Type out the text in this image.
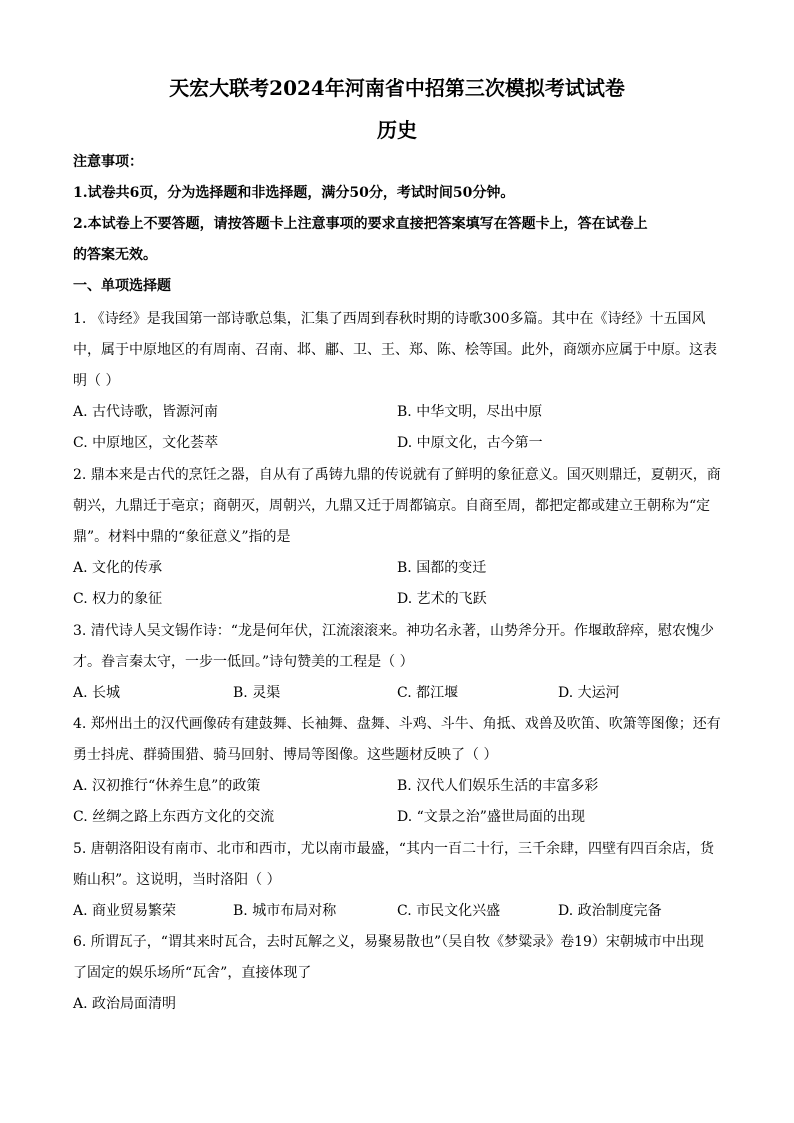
天宏大联考2024年河南省中招第三次模拟考试试卷
历史
注意事项：
1.试卷共6页，分为选择题和非选择题，满分50分，考试时间50分钟。
2.本试卷上不要答题，请按答题卡上注意事项的要求直接把答案填写在答题卡上，答在试卷上
的答案无效。
一、单项选择题
1. 《诗经》是我国第一部诗歌总集，汇集了西周到春秋时期的诗歌300多篇。其中在《诗经》十五国风
中，属于中原地区的有周南、召南、邶、鄘、卫、王、郑、陈、桧等国。此外，商颂亦应属于中原。这表
明（ ）
A. 古代诗歌，皆源河南	B. 中华文明，尽出中原
C. 中原地区，文化荟萃	D. 中原文化，古今第一
2. 鼎本来是古代的烹饪之器，自从有了禹铸九鼎的传说就有了鲜明的象征意义。国灭则鼎迁，夏朝灭，商
朝兴，九鼎迁于亳京；商朝灭，周朝兴，九鼎又迁于周都镐京。自商至周，都把定都或建立王朝称为“定
鼎”。材料中鼎的“象征意义”指的是
A. 文化的传承	B. 国都的变迁
C. 权力的象征	D. 艺术的飞跃
3. 清代诗人吴文锡作诗：“龙是何年伏，江流滚滚来。神功名永著，山势斧分开。作堰敢辞瘁，慰农愧少
才。眷言秦太守，一步一低回。”诗句赞美的工程是（ ）
A. 长城	B. 灵渠	C. 都江堰	D. 大运河
4. 郑州出土的汉代画像砖有建鼓舞、长袖舞、盘舞、斗鸡、斗牛、角抵、戏兽及吹笛、吹箫等图像；还有
勇士抖虎、群骑围猎、骑马回射、博局等图像。这些题材反映了（ ）
A. 汉初推行“休养生息”的政策	B. 汉代人们娱乐生活的丰富多彩
C. 丝绸之路上东西方文化的交流	D. “文景之治”盛世局面的出现
5. 唐朝洛阳设有南市、北市和西市，尤以南市最盛，“其内一百二十行，三千余肆，四壁有四百余店，货
贿山积”。这说明，当时洛阳（ ）
A. 商业贸易繁荣	B. 城市布局对称	C. 市民文化兴盛	D. 政治制度完备
6. 所谓瓦子，“谓其来时瓦合，去时瓦解之义，易聚易散也”（吴自牧《梦粱录》卷19）宋朝城市中出现
了固定的娱乐场所“瓦舍”，直接体现了
A. 政治局面清明
